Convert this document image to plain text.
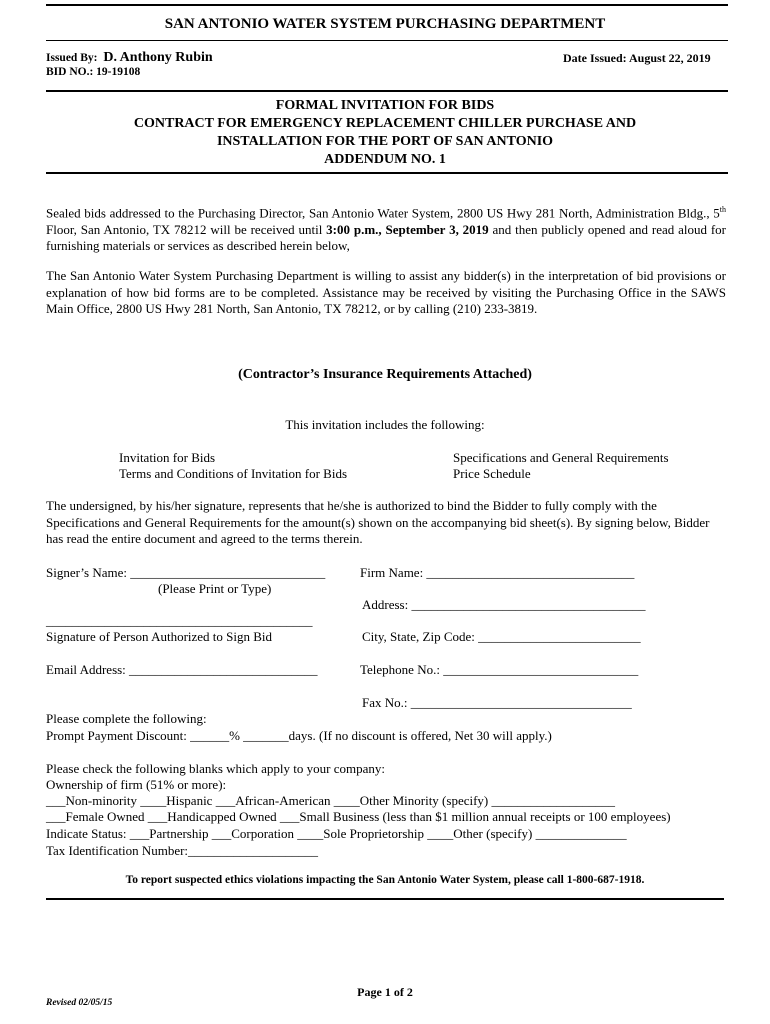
SAN ANTONIO WATER SYSTEM PURCHASING DEPARTMENT
Issued By: D. Anthony Rubin
BID NO.: 19-19108
Date Issued: August 22, 2019
FORMAL INVITATION FOR BIDS
CONTRACT FOR EMERGENCY REPLACEMENT CHILLER PURCHASE AND
INSTALLATION FOR THE PORT OF SAN ANTONIO
ADDENDUM NO. 1
Sealed bids addressed to the Purchasing Director, San Antonio Water System, 2800 US Hwy 281 North, Administration Bldg., 5th Floor, San Antonio, TX 78212 will be received until 3:00 p.m., September 3, 2019 and then publicly opened and read aloud for furnishing materials or services as described herein below,
The San Antonio Water System Purchasing Department is willing to assist any bidder(s) in the interpretation of bid provisions or explanation of how bid forms are to be completed. Assistance may be received by visiting the Purchasing Office in the SAWS Main Office, 2800 US Hwy 281 North, San Antonio, TX 78212, or by calling (210) 233-3819.
(Contractor’s Insurance Requirements Attached)
This invitation includes the following:
Invitation for Bids
Terms and Conditions of Invitation for Bids
Specifications and General Requirements
Price Schedule
The undersigned, by his/her signature, represents that he/she is authorized to bind the Bidder to fully comply with the Specifications and General Requirements for the amount(s) shown on the accompanying bid sheet(s). By signing below, Bidder has read the entire document and agreed to the terms therein.
Signer’s Name: ______________________________
(Please Print or Type)
Firm Name: ________________________________
Address: ____________________________________
_________________________________________
Signature of Person Authorized to Sign Bid	City, State, Zip Code: _________________________
Email Address: _____________________________	Telephone No.: ______________________________
Fax No.: __________________________________
Please complete the following:
Prompt Payment Discount: ______% _______days. (If no discount is offered, Net 30 will apply.)
Please check the following blanks which apply to your company:
Ownership of firm (51% or more):
___Non-minority ____Hispanic ___African-American ____Other Minority (specify) ___________________
___Female Owned ___Handicapped Owned ___Small Business (less than $1 million annual receipts or 100 employees)
Indicate Status: ___Partnership ___Corporation ____Sole Proprietorship ____Other (specify) ______________
Tax Identification Number:____________________
To report suspected ethics violations impacting the San Antonio Water System, please call 1-800-687-1918.
Page 1 of 2
Revised 02/05/15
